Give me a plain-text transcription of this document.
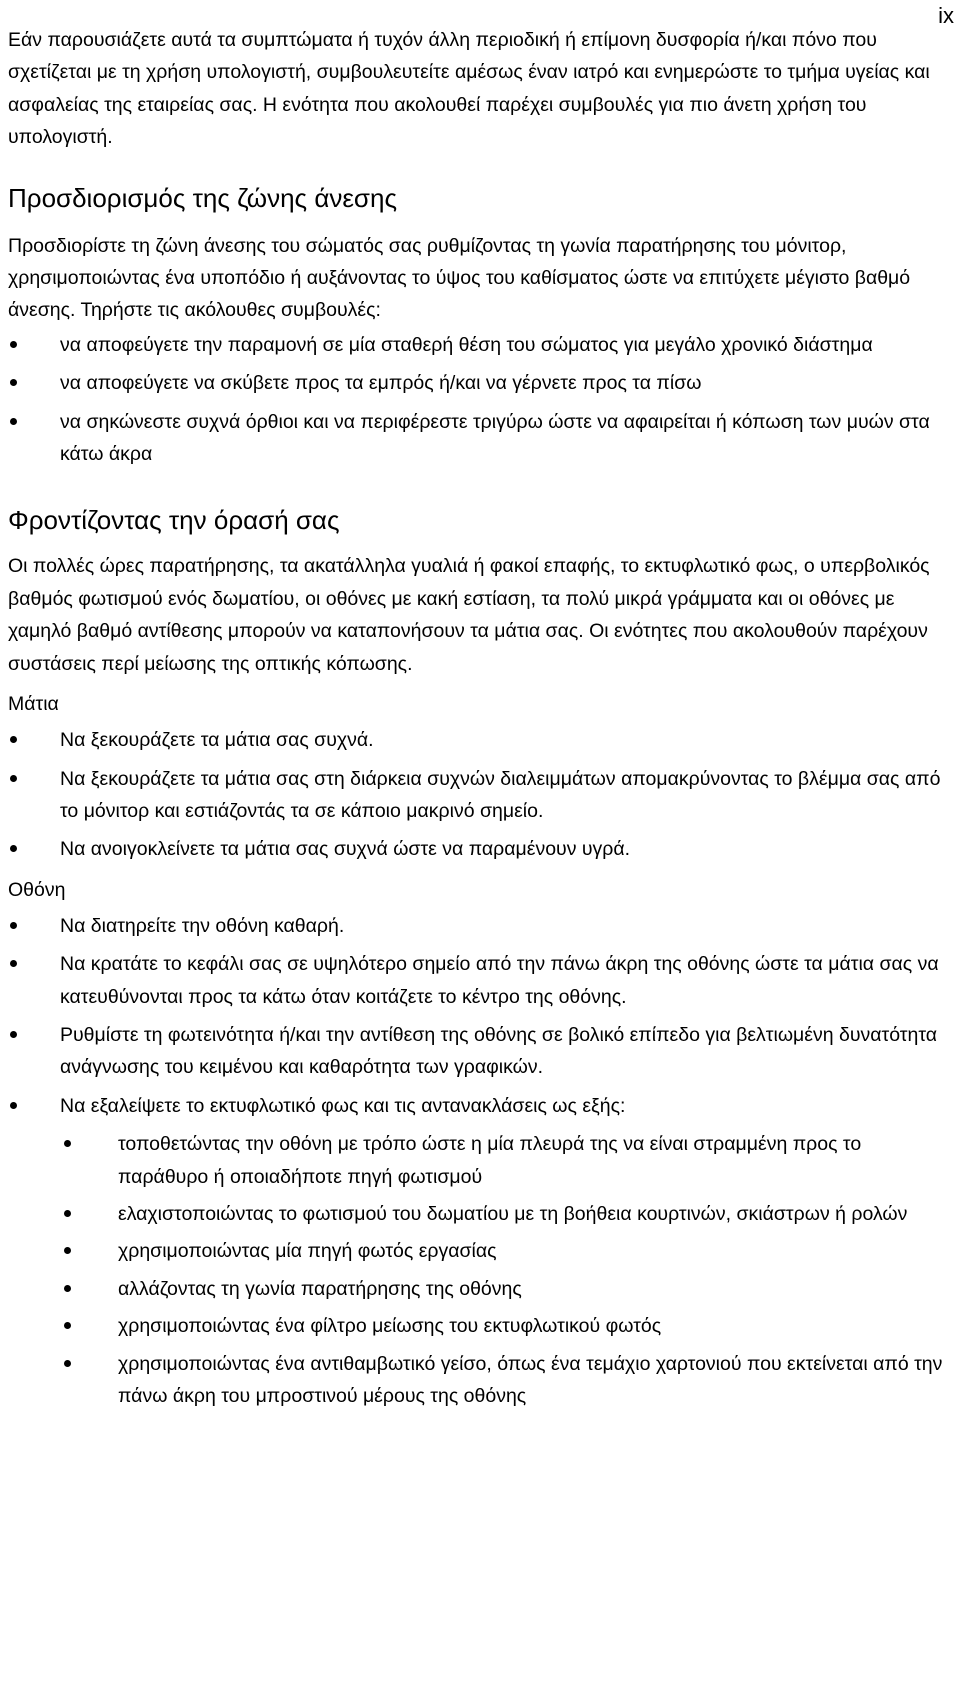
ix

Εάν παρουσιάζετε αυτά τα συμπτώματα ή τυχόν άλλη περιοδική ή επίμονη δυσφορία ή/και πόνο που σχετίζεται με τη χρήση υπολογιστή, συμβουλευτείτε αμέσως έναν ιατρό και ενημερώστε το τμήμα υγείας και ασφαλείας της εταιρείας σας. Η ενότητα που ακολουθεί παρέχει συμβουλές για πιο άνετη χρήση του υπολογιστή.

Προσδιορισμός της ζώνης άνεσης

Προσδιορίστε τη ζώνη άνεσης του σώματός σας ρυθμίζοντας τη γωνία παρατήρησης του μόνιτορ, χρησιμοποιώντας ένα υποπόδιο ή αυξάνοντας το ύψος του καθίσματος ώστε να επιτύχετε μέγιστο βαθμό άνεσης. Τηρήστε τις ακόλουθες συμβουλές:

να αποφεύγετε την παραμονή σε μία σταθερή θέση του σώματος για μεγάλο χρονικό διάστημα
να αποφεύγετε να σκύβετε προς τα εμπρός ή/και να γέρνετε προς τα πίσω
να σηκώνεστε συχνά όρθιοι και να περιφέρεστε τριγύρω ώστε να αφαιρείται ή κόπωση των μυών στα κάτω άκρα
Φροντίζοντας την όρασή σας

Οι πολλές ώρες παρατήρησης, τα ακατάλληλα γυαλιά ή φακοί επαφής, το εκτυφλωτικό φως, ο υπερβολικός βαθμός φωτισμού ενός δωματίου, οι οθόνες με κακή εστίαση, τα πολύ μικρά γράμματα και οι οθόνες με χαμηλό βαθμό αντίθεσης μπορούν να καταπονήσουν τα μάτια σας. Οι ενότητες που ακολουθούν παρέχουν συστάσεις περί μείωσης της οπτικής κόπωσης.

Μάτια
Να ξεκουράζετε τα μάτια σας συχνά.
Να ξεκουράζετε τα μάτια σας στη διάρκεια συχνών διαλειμμάτων απομακρύνοντας το βλέμμα σας από το μόνιτορ και εστιάζοντάς τα σε κάποιο μακρινό σημείο.
Να ανοιγοκλείνετε τα μάτια σας συχνά ώστε να παραμένουν υγρά.
Οθόνη
Να διατηρείτε την οθόνη καθαρή.
Να κρατάτε το κεφάλι σας σε υψηλότερο σημείο από την πάνω άκρη της οθόνης ώστε τα μάτια σας να κατευθύνονται προς τα κάτω όταν κοιτάζετε το κέντρο της οθόνης.
Ρυθμίστε τη φωτεινότητα ή/και την αντίθεση της οθόνης σε βολικό επίπεδο για βελτιωμένη δυνατότητα ανάγνωσης του κειμένου και καθαρότητα των γραφικών.
Να εξαλείψετε το εκτυφλωτικό φως και τις αντανακλάσεις ως εξής:
τοποθετώντας την οθόνη με τρόπο ώστε η μία πλευρά της να είναι στραμμένη προς το παράθυρο ή οποιαδήποτε πηγή φωτισμού
ελαχιστοποιώντας το φωτισμού του δωματίου με τη βοήθεια κουρτινών, σκιάστρων ή ρολών
χρησιμοποιώντας μία πηγή φωτός εργασίας
αλλάζοντας τη γωνία παρατήρησης της οθόνης
χρησιμοποιώντας ένα φίλτρο μείωσης του εκτυφλωτικού φωτός
χρησιμοποιώντας ένα αντιθαμβωτικό γείσο, όπως ένα τεμάχιο χαρτονιού που εκτείνεται από την πάνω άκρη του μπροστινού μέρους της οθόνης
